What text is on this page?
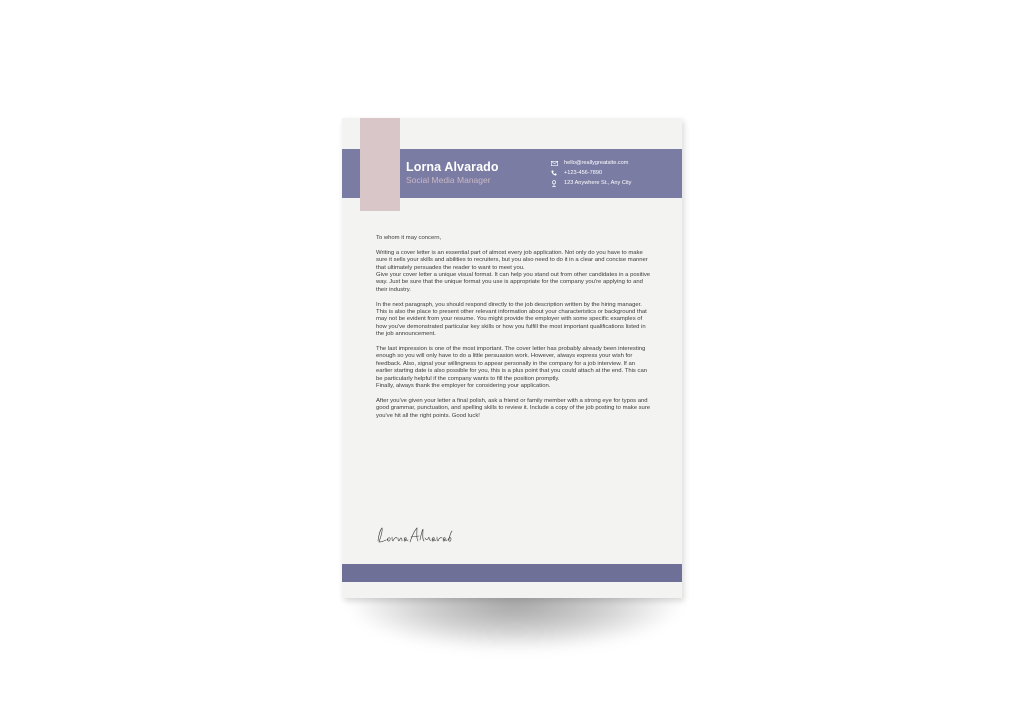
Lorna Alvarado
Social Media Manager
hello@reallygreatsite.com
+123-456-7890
123 Anywhere St., Any City

To whom it may concern,

Writing a cover letter is an essential part of almost every job application. Not only do you have to make sure it sells your skills and abilities to recruiters, but you also need to do it in a clear and concise manner that ultimately persuades the reader to want to meet you.
Give your cover letter a unique visual format. It can help you stand out from other candidates in a positive way. Just be sure that the unique format you use is appropriate for the company you're applying to and their industry.

In the next paragraph, you should respond directly to the job description written by the hiring manager. This is also the place to present other relevant information about your characteristics or background that may not be evident from your resume. You might provide the employer with some specific examples of how you've demonstrated particular key skills or how you fulfill the most important qualifications listed in the job announcement.

The last impression is one of the most important. The cover letter has probably already been interesting enough so you will only have to do a little persuasion work. However, always express your wish for feedback. Also, signal your willingness to appear personally in the company for a job interview. If an earlier starting date is also possible for you, this is a plus point that you could attach at the end. This can be particularly helpful if the company wants to fill the position promptly.
Finally, always thank the employer for considering your application.

After you've given your letter a final polish, ask a friend or family member with a strong eye for typos and good grammar, punctuation, and spelling skills to review it. Include a copy of the job posting to make sure you've hit all the right points. Good luck!
